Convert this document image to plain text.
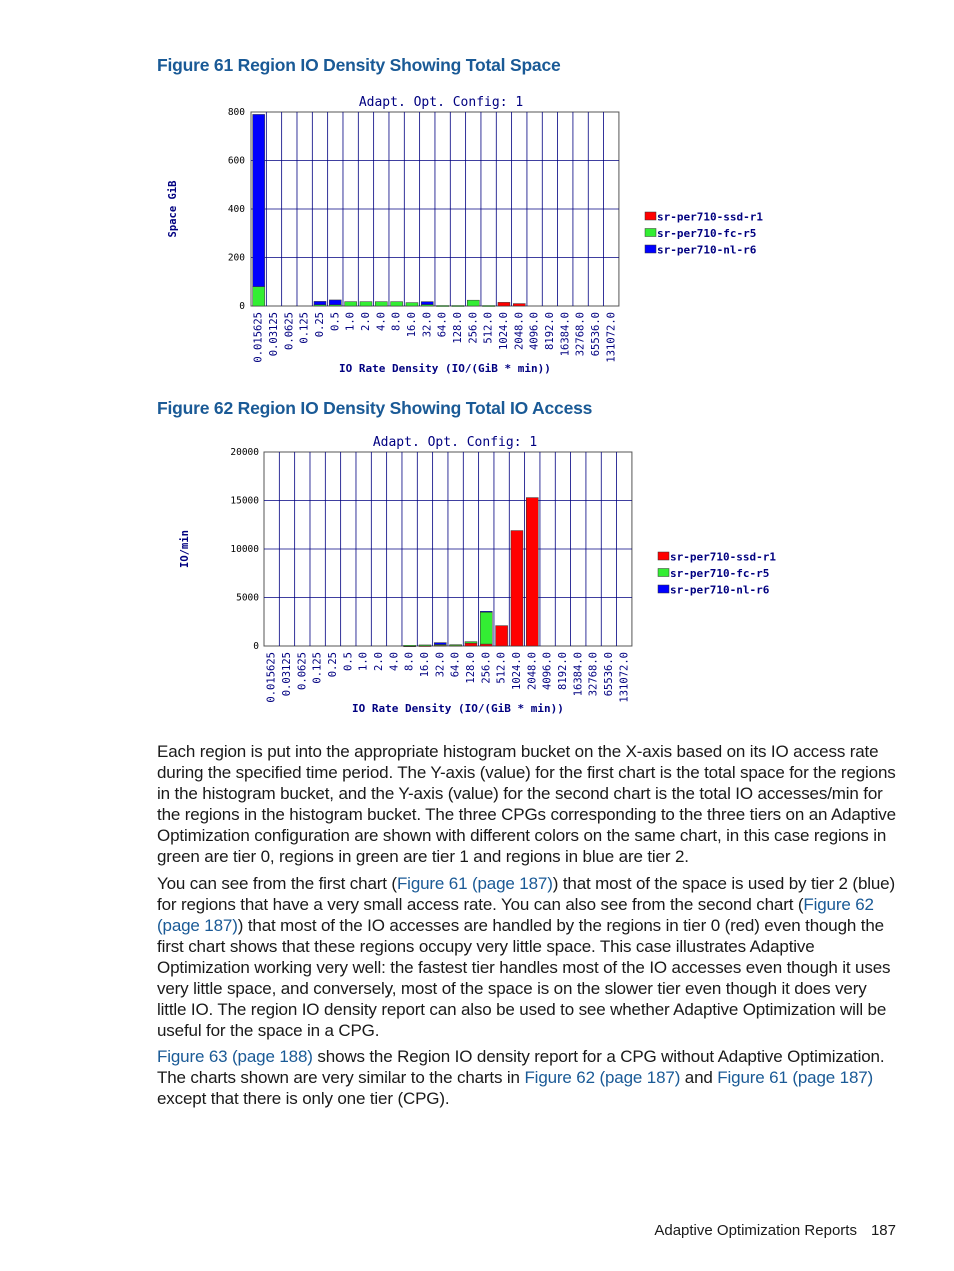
Figure 61 Region IO Density Showing Total Space

0
200
400
600
800
0.015625 0.03125 0.0625 0.125 0.25 0.5 1.0 2.0 4.0 8.0 16.0 32.0 64.0 128.0 256.0 512.0 1024.0 2048.0 4096.0 8192.0 16384.0 32768.0 65536.0 131072.0
Adapt. Opt. Config: 1
Space GiB
IO Rate Density (IO/(GiB * min))
sr-per710-ssd-r1
sr-per710-fc-r5
sr-per710-nl-r6

Figure 62 Region IO Density Showing Total IO Access

0
5000
10000
15000
20000
0.015625 0.03125 0.0625 0.125 0.25 0.5 1.0 2.0 4.0 8.0 16.0 32.0 64.0 128.0 256.0 512.0 1024.0 2048.0 4096.0 8192.0 16384.0 32768.0 65536.0 131072.0
Adapt. Opt. Config: 1
IO/min
IO Rate Density (IO/(GiB * min))
sr-per710-ssd-r1
sr-per710-fc-r5
sr-per710-nl-r6

Each region is put into the appropriate histogram bucket on the X-axis based on its IO access rate during the specified time period. The Y-axis (value) for the first chart is the total space for the regions in the histogram bucket, and the Y-axis (value) for the second chart is the total IO accesses/min for the regions in the histogram bucket. The three CPGs corresponding to the three tiers on an Adaptive Optimization configuration are shown with different colors on the same chart, in this case regions in green are tier 0, regions in green are tier 1 and regions in blue are tier 2.

You can see from the first chart (Figure 61 (page 187)) that most of the space is used by tier 2 (blue) for regions that have a very small access rate. You can also see from the second chart (Figure 62 (page 187)) that most of the IO accesses are handled by the regions in tier 0 (red) even though the first chart shows that these regions occupy very little space. This case illustrates Adaptive Optimization working very well: the fastest tier handles most of the IO accesses even though it uses very little space, and conversely, most of the space is on the slower tier even though it does very little IO. The region IO density report can also be used to see whether Adaptive Optimization will be useful for the space in a CPG.

Figure 63 (page 188) shows the Region IO density report for a CPG without Adaptive Optimization. The charts shown are very similar to the charts in Figure 62 (page 187) and Figure 61 (page 187) except that there is only one tier (CPG).

Adaptive Optimization Reports 187
